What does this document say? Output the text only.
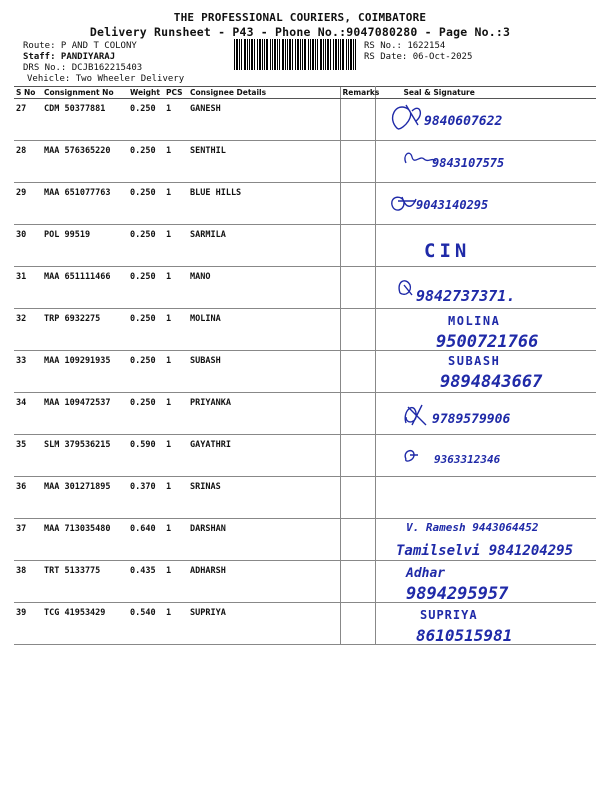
THE PROFESSIONAL COURIERS, COIMBATORE
Delivery Runsheet - P43 - Phone No.:9047080280 - Page No.:3
Route: P AND T COLONY
Staff: PANDIYARAJ
DRS No.: DCJB162215403
Vehicle: Two Wheeler Delivery
RS No.: 1622154
RS Date: 06-Oct-2025
S No	Consignment No	Weight	PCS	Consignee Details	Remarks	Seal & Signature
27	CDM 50377881	0.250	1	GANESH		9840607622

28	MAA 576365220	0.250	1	SENTHIL		9843107575

29	MAA 651077763	0.250	1	BLUE HILLS		9043140295

30	POL 99519	0.250	1	SARMILA		CIN

31	MAA 651111466	0.250	1	MANO		9842737371.

32	TRP 6932275	0.250	1	MOLINA		MOLINA
9500721766

33	MAA 109291935	0.250	1	SUBASH		SUBASH
9894843667

34	MAA 109472537	0.250	1	PRIYANKA		9789579906

35	SLM 379536215	0.590	1	GAYATHRI		9363312346

36	MAA 301271895	0.370	1	SRINAS		
37	MAA 713035480	0.640	1	DARSHAN		V. Ramesh 9443064452
Tamilselvi 9841204295

38	TRT 5133775	0.435	1	ADHARSH		Adhar
9894295957

39	TCG 41953429	0.540	1	SUPRIYA		SUPRIYA
8610515981
